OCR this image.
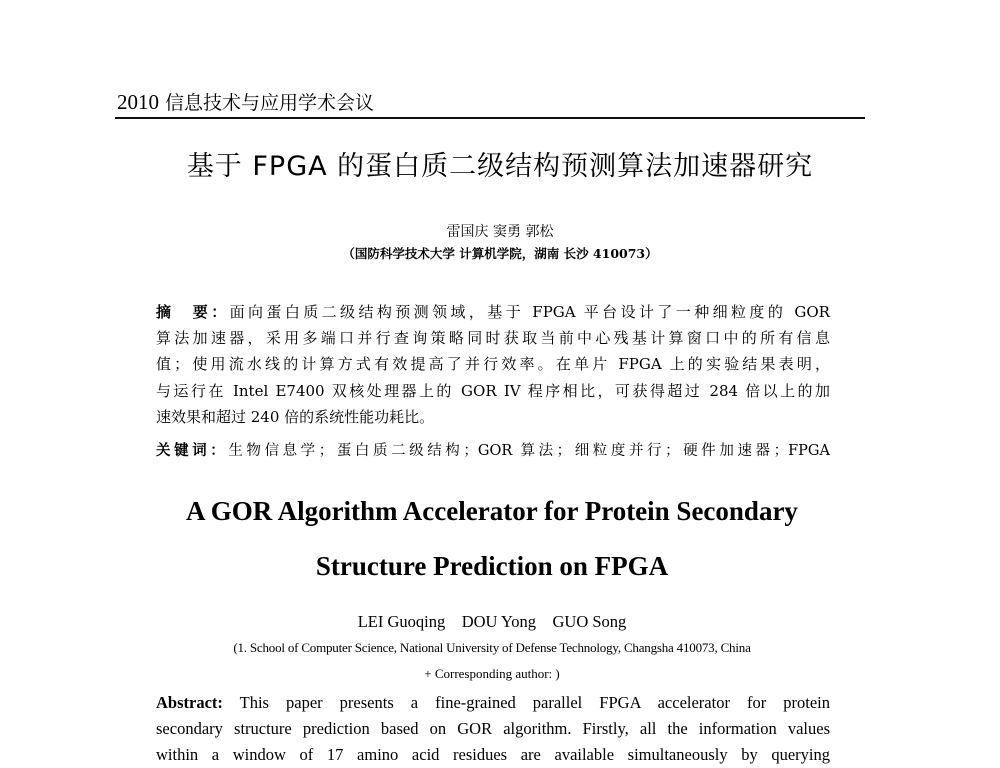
2010 信息技术与应用学术会议
基于 FPGA 的蛋白质二级结构预测算法加速器研究
雷国庆 窦勇 郭松
（国防科学技术大学 计算机学院，湖南 长沙 410073）
摘　要：面向蛋白质二级结构预测领域，基于 FPGA 平台设计了一种细粒度的 GOR
算法加速器，采用多端口并行查询策略同时获取当前中心残基计算窗口中的所有信息
值；使用流水线的计算方式有效提高了并行效率。在单片 FPGA 上的实验结果表明，
与运行在 Intel E7400 双核处理器上的 GOR IV 程序相比，可获得超过 284 倍以上的加
速效果和超过 240 倍的系统性能功耗比。
关键词：生物信息学；蛋白质二级结构；GOR 算法；细粒度并行；硬件加速器；FPGA
A GOR Algorithm Accelerator for Protein Secondary
Structure Prediction on FPGA
LEI Guoqing    DOU Yong    GUO Song
(1. School of Computer Science, National University of Defense Technology, Changsha 410073, China
+ Corresponding author: )
Abstract: This paper presents a fine-grained parallel FPGA accelerator for protein
secondary structure prediction based on GOR algorithm. Firstly, all the information values
within a window of 17 amino acid residues are available simultaneously by querying
